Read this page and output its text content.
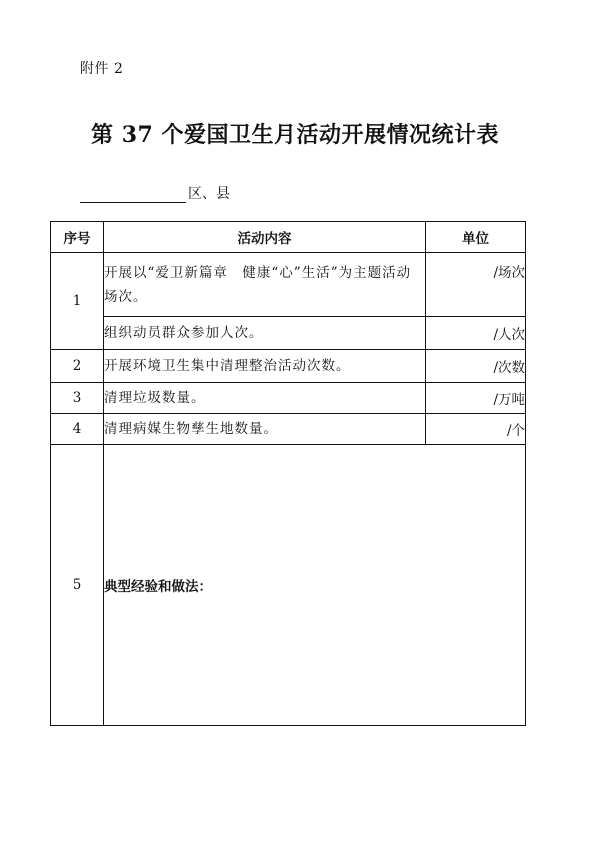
附件 2
第 37 个爱国卫生月活动开展情况统计表
区、县
序号	活动内容	单位
1	开展以“爱卫新篇章　健康“心”生活”为主题活动场次。	/场次
	组织动员群众参加人次。	/人次
2	开展环境卫生集中清理整治活动次数。	/次数
3	清理垃圾数量。	/万吨
4	清理病媒生物孳生地数量。	/个
5	典型经验和做法：	
